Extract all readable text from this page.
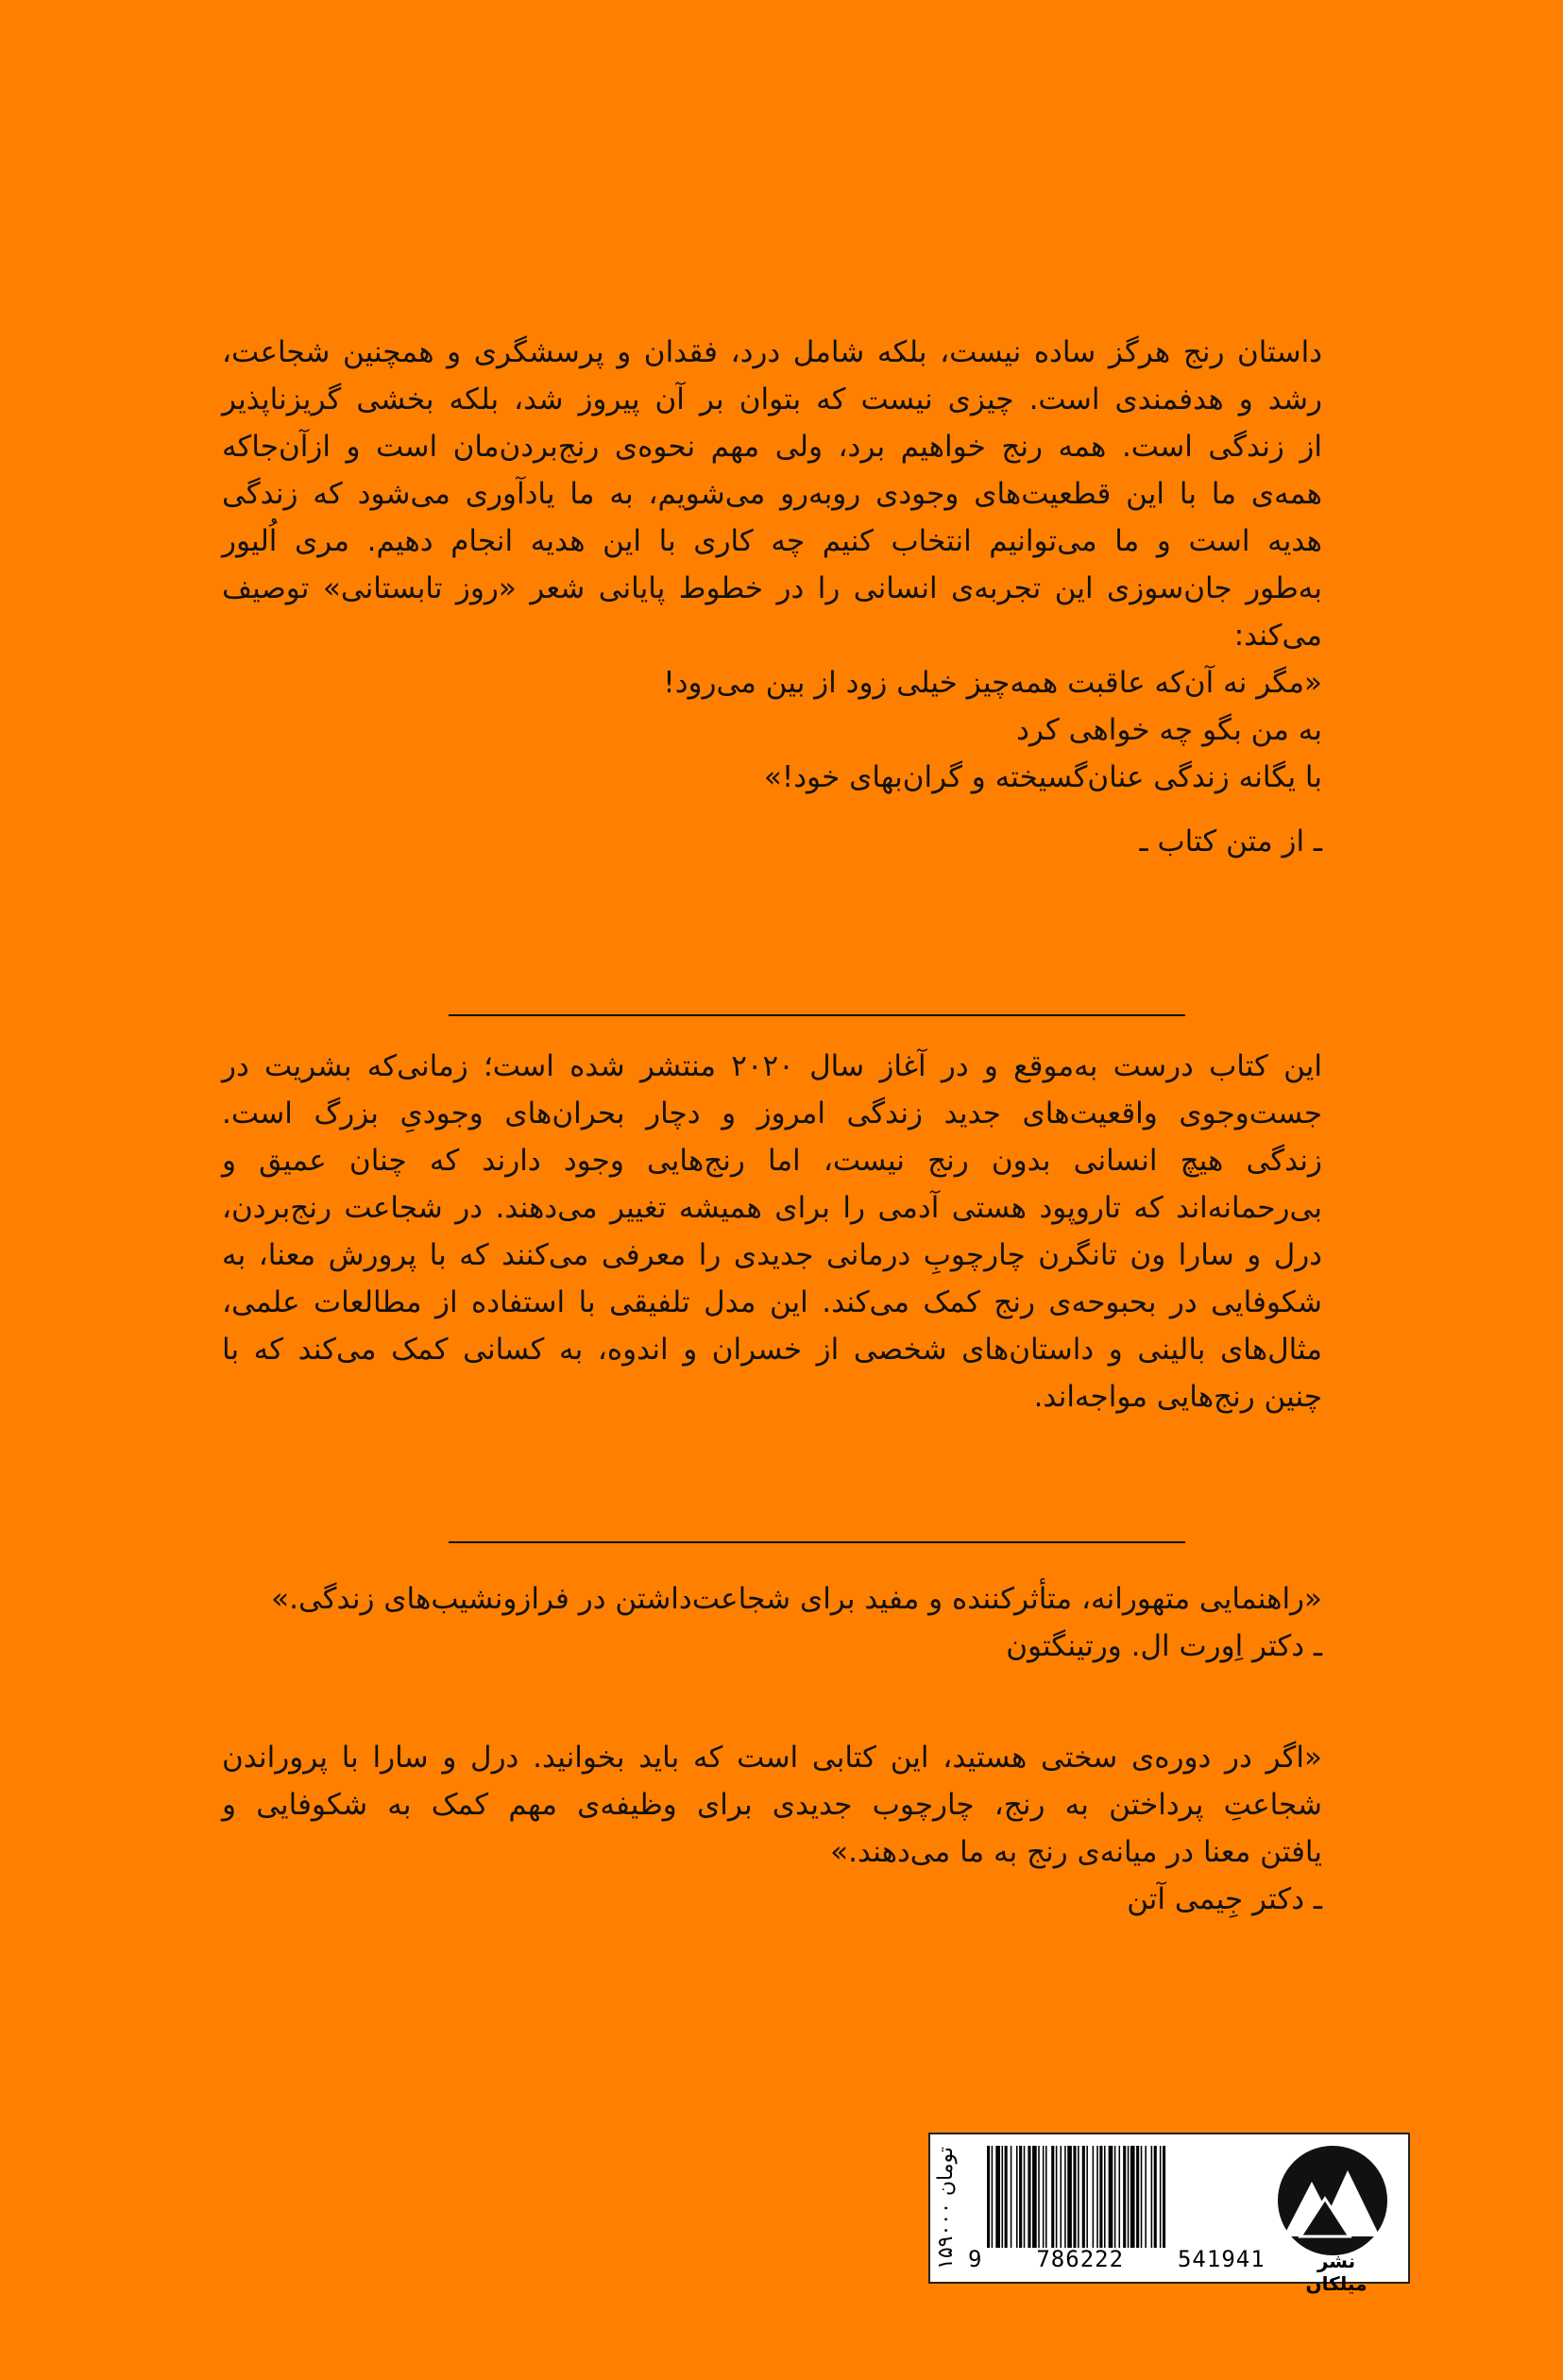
داستان رنج هرگز ساده نیست، بلکه شامل درد، فقدان و پرسشگری و همچنین شجاعت،
رشد و هدفمندی است. چیزی نیست که بتوان بر آن پیروز شد، بلکه بخشی گریزناپذیر
از زندگی است. همه رنج خواهیم برد، ولی مهم نحوه‌ی رنج‌بردن‌مان است و ازآن‌جاکه
همه‌ی ما با این قطعیت‌های وجودی روبه‌رو می‌شویم، به ما یادآوری می‌شود که زندگی
هدیه است و ما می‌توانیم انتخاب کنیم چه کاری با این هدیه انجام دهیم. مری اُلیور
به‌طور جان‌سوزی این تجربه‌ی انسانی را در خطوط پایانی شعر «روز تابستانی» توصیف
می‌کند:
«مگر نه آن‌که عاقبت همه‌چیز خیلی زود از بین می‌رود!
به من بگو چه خواهی کرد
با یگانه زندگی عنان‌گسیخته و گران‌بهای خود!»
ـ از متن کتاب ـ
این کتاب درست به‌موقع و در آغاز سال ۲۰۲۰ منتشر شده است؛ زمانی‌که بشریت در
جست‌وجوی واقعیت‌های جدید زندگی امروز و دچار بحران‌های وجودیِ بزرگ است.
زندگی هیچ انسانی بدون رنج نیست، اما رنج‌هایی وجود دارند که چنان عمیق و
بی‌رحمانه‌اند که تاروپود هستی آدمی را برای همیشه تغییر می‌دهند. در شجاعت رنج‌بردن،
درل و سارا ون تانگرن چارچوبِ درمانی جدیدی را معرفی می‌کنند که با پرورش معنا، به
شکوفایی در بحبوحه‌ی رنج کمک می‌کند. این مدل تلفیقی با استفاده از مطالعات علمی،
مثال‌های بالینی و داستان‌های شخصی از خسران و اندوه، به کسانی کمک می‌کند که با
چنین رنج‌هایی مواجه‌اند.
«راهنمایی متهورانه، متأثرکننده و مفید برای شجاعت‌داشتن در فرازونشیب‌های زندگی.»
ـ دکتر اِورت ال. ورتینگتون
«اگر در دوره‌ی سختی هستید، این کتابی است که باید بخوانید. درل و سارا با پروراندن
شجاعتِ پرداختن به رنج، چارچوب جدیدی برای وظیفه‌ی مهم کمک به شکوفایی و
یافتن معنا در میانه‌ی رنج به ما می‌دهند.»
ـ دکتر جِیمی آتن
۱۵۹۰۰۰ تومان
9 786222 541941	نشر میلکان
